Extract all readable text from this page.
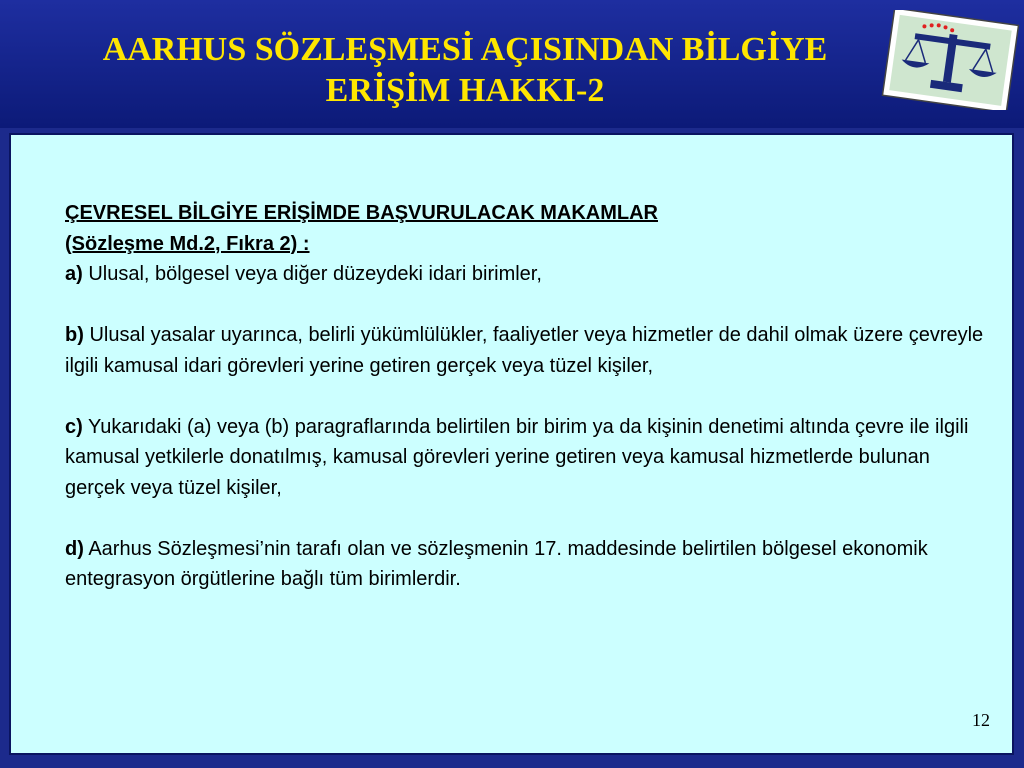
AARHUS SÖZLEŞMESİ AÇISINDAN BİLGİYE
ERİŞİM HAKKI-2

ÇEVRESEL BİLGİYE ERİŞİMDE BAŞVURULACAK MAKAMLAR
(Sözleşme Md.2, Fıkra 2) :

a) Ulusal, bölgesel veya diğer düzeydeki idari birimler,

b) Ulusal yasalar uyarınca, belirli yükümlülükler, faaliyetler veya hizmetler de dahil olmak üzere çevreyle ilgili kamusal idari görevleri yerine getiren gerçek veya tüzel kişiler,

c) Yukarıdaki (a) veya (b) paragraflarında belirtilen bir birim ya da kişinin denetimi altında çevre ile ilgili kamusal yetkilerle donatılmış, kamusal görevleri yerine getiren veya kamusal hizmetlerde bulunan gerçek veya tüzel kişiler,

d) Aarhus Sözleşmesi’nin tarafı olan ve sözleşmenin 17. maddesinde belirtilen bölgesel ekonomik entegrasyon örgütlerine bağlı tüm birimlerdir.

12
